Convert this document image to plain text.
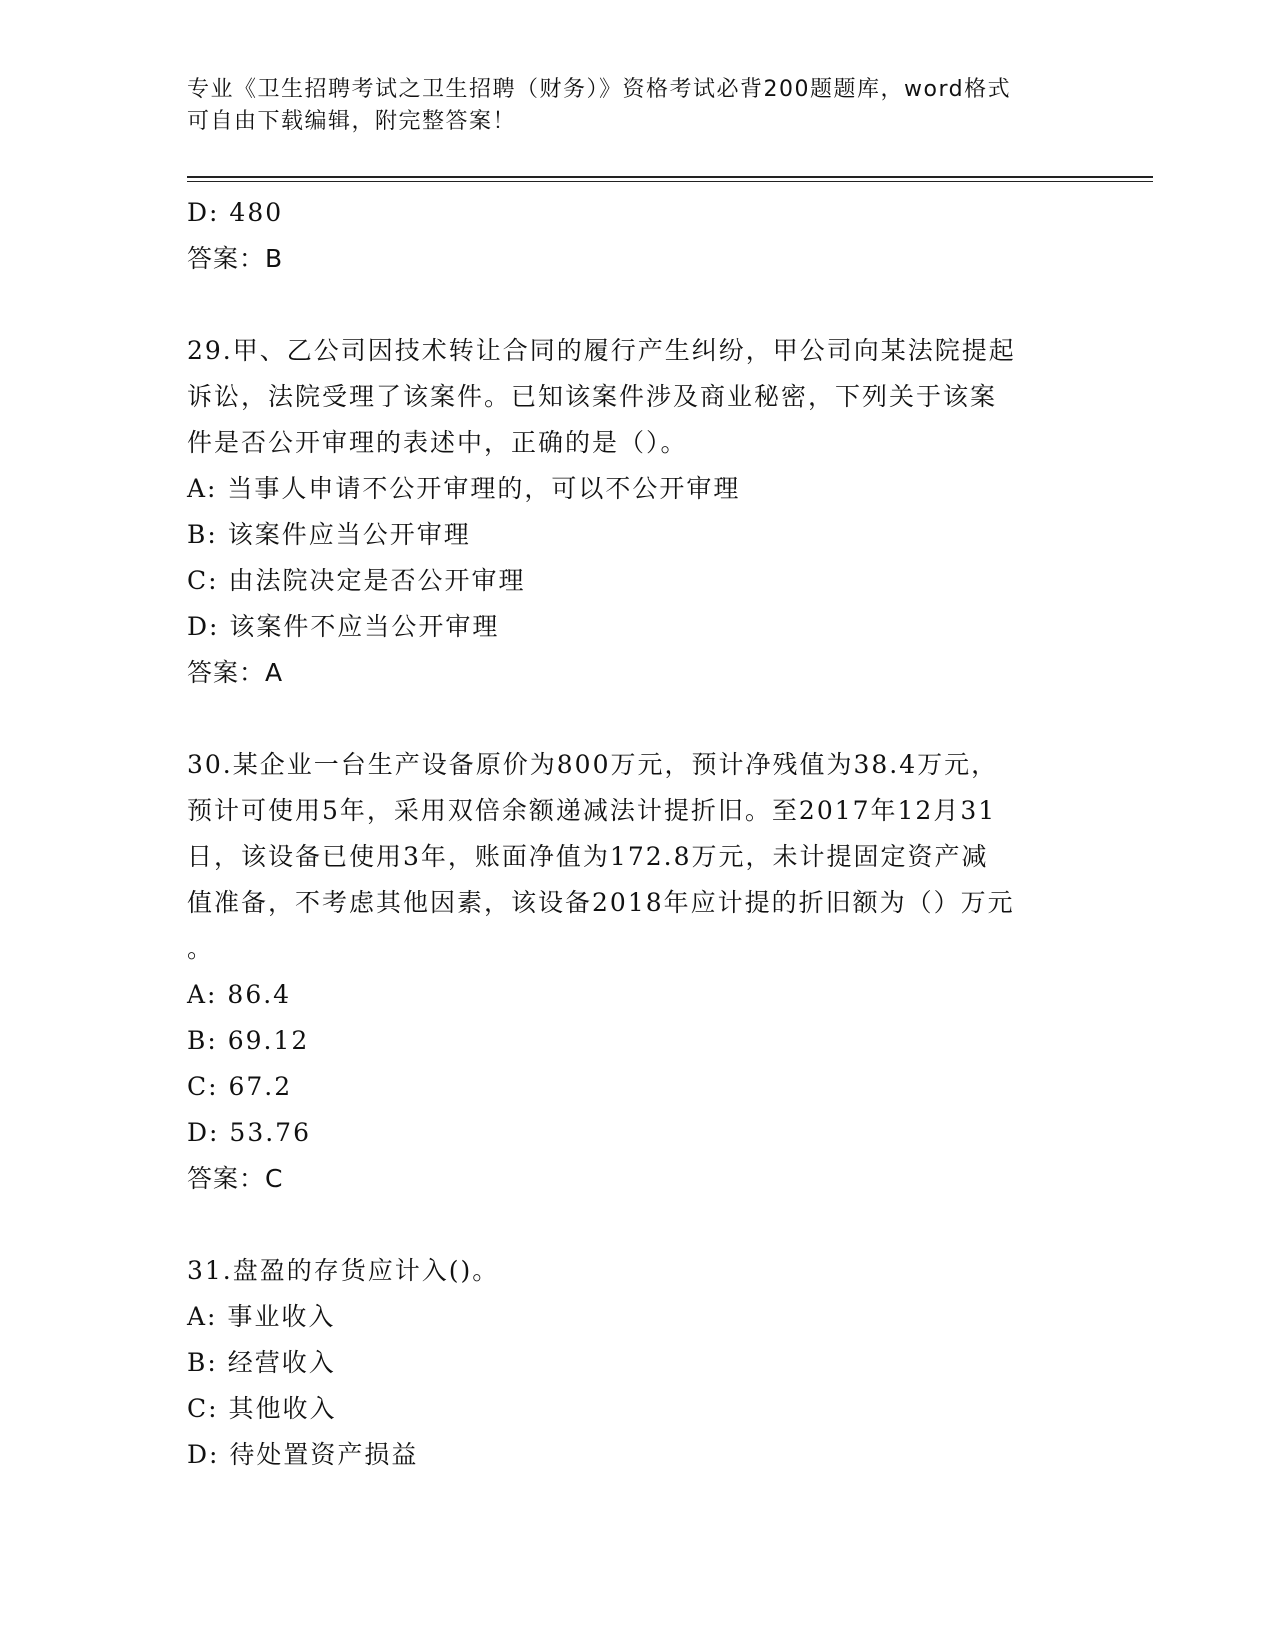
专业《卫生招聘考试之卫生招聘（财务）》资格考试必背200题题库，word格式
可自由下载编辑，附完整答案！
D: 480
答案：B
29.甲、乙公司因技术转让合同的履行产生纠纷，甲公司向某法院提起
诉讼，法院受理了该案件。已知该案件涉及商业秘密，下列关于该案
件是否公开审理的表述中，正确的是（）。
A: 当事人申请不公开审理的，可以不公开审理
B: 该案件应当公开审理
C: 由法院决定是否公开审理
D: 该案件不应当公开审理
答案：A
30.某企业一台生产设备原价为800万元，预计净残值为38.4万元，
预计可使用5年，采用双倍余额递减法计提折旧。至2017年12月31
日，该设备已使用3年，账面净值为172.8万元，未计提固定资产减
值准备，不考虑其他因素，该设备2018年应计提的折旧额为（）万元
。
A: 86.4
B: 69.12
C: 67.2
D: 53.76
答案：C
31.盘盈的存货应计入()。
A: 事业收入
B: 经营收入
C: 其他收入
D: 待处置资产损益
